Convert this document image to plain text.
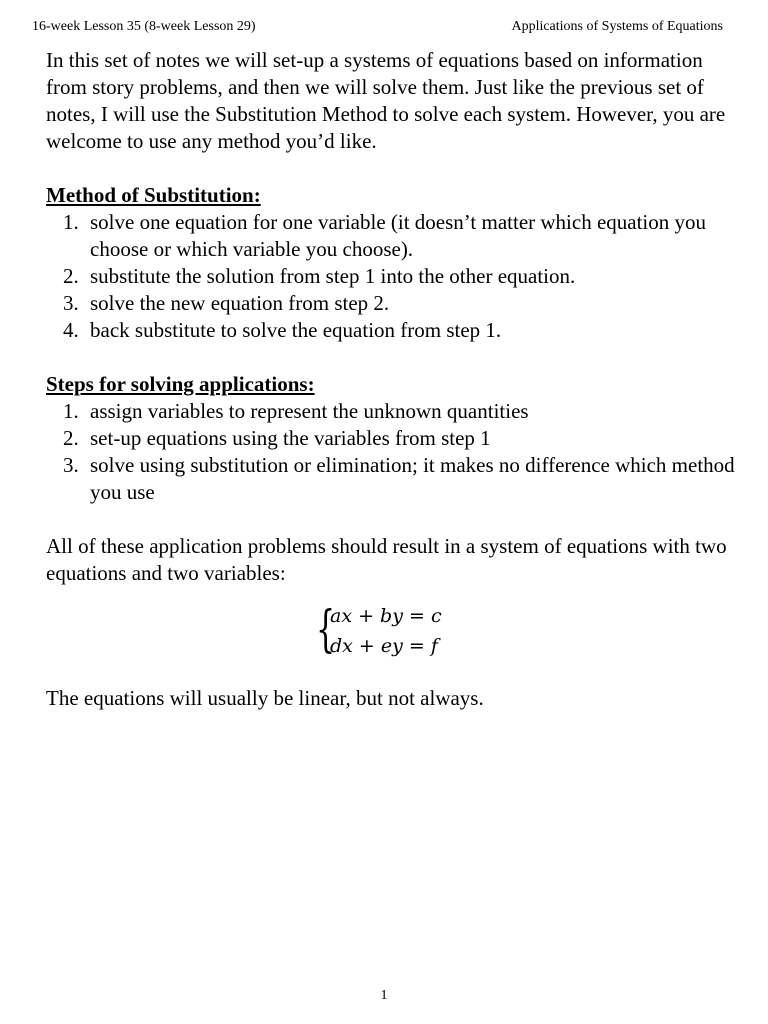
16-week Lesson 35 (8-week Lesson 29)	Applications of Systems of Equations

In this set of notes we will set-up a systems of equations based on information from story problems, and then we will solve them. Just like the previous set of notes, I will use the Substitution Method to solve each system. However, you are welcome to use any method you’d like.

Method of Substitution:

1. solve one equation for one variable (it doesn’t matter which equation you choose or which variable you choose).
2. substitute the solution from step 1 into the other equation.
3. solve the new equation from step 2.
4. back substitute to solve the equation from step 1.

Steps for solving applications:

1. assign variables to represent the unknown quantities
2. set-up equations using the variables from step 1
3. solve using substitution or elimination; it makes no difference which method you use

All of these application problems should result in a system of equations with two equations and two variables:

{
ax + by = c
dx + ey = f

The equations will usually be linear, but not always.

1
